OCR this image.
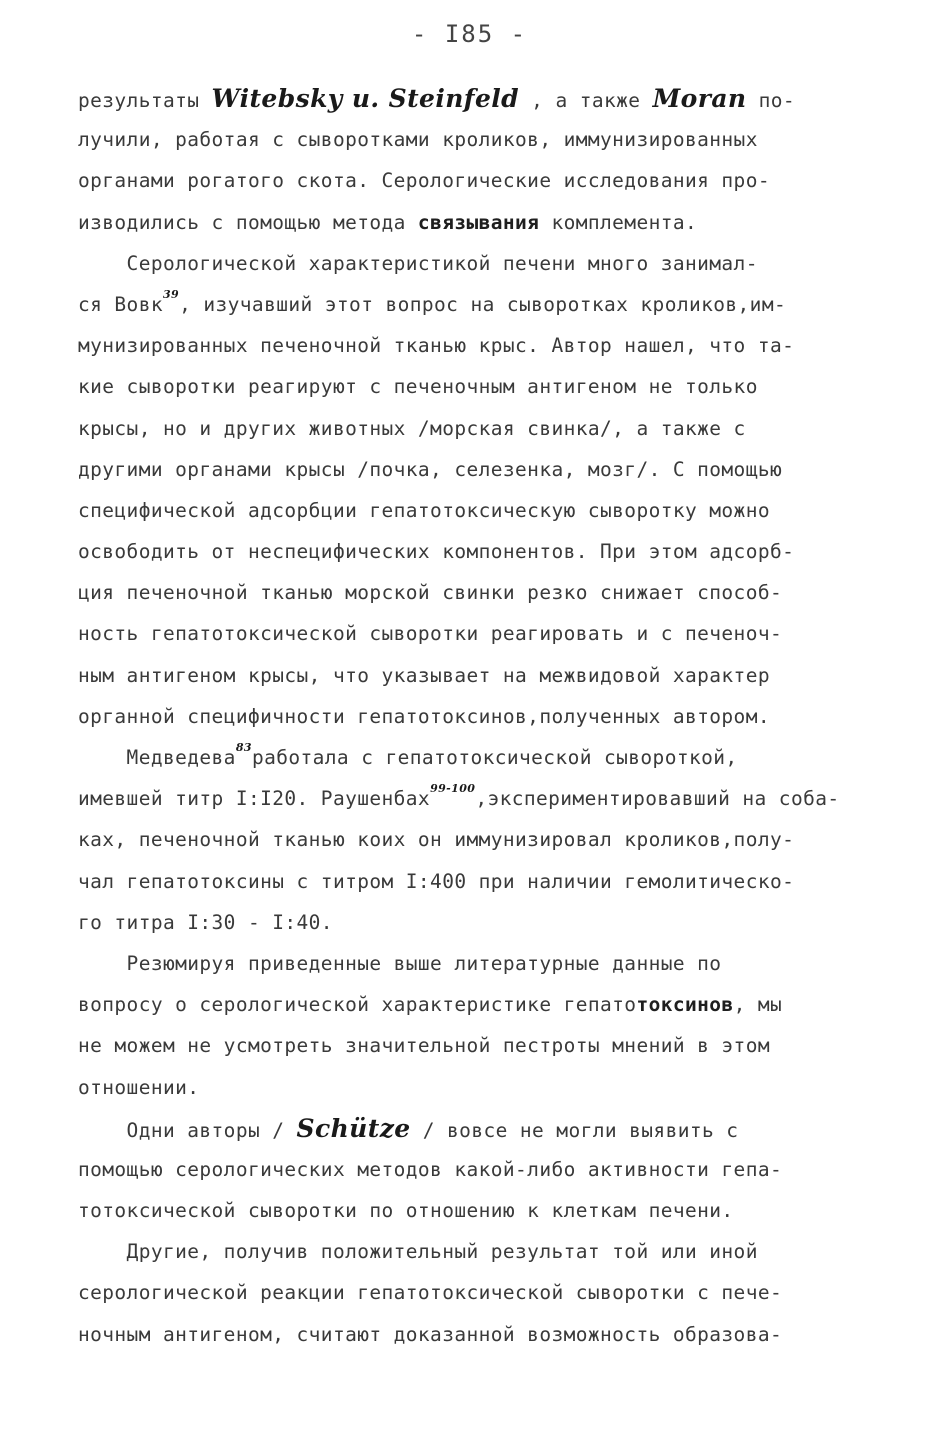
- I85 -
результаты Witebsky u. Steinfeld , а также Moran по-
лучили, работая с сыворотками кроликов, иммунизированных
органами рогатого скота. Серологические исследования про-
изводились с помощью метода связывания комплемента.
Серологической характеристикой печени много занимал-
ся Вовк$^{39}$, изучавший этот вопрос на сыворотках кроликов,им-
мунизированных печеночной тканью крыс. Автор нашел, что та-
кие сыворотки реагируют с печеночным антигеном не только
крысы, но и других животных /морская свинка/, а также с
другими органами крысы /почка, селезенка, мозг/. С помощью
специфической адсорбции гепатотоксическую сыворотку можно
освободить от неспецифических компонентов. При этом адсорб-
ция печеночной тканью морской свинки резко снижает способ-
ность гепатотоксической сыворотки реагировать и с печеноч-
ным антигеном крысы, что указывает на межвидовой характер
органной специфичности гепатотоксинов,полученных автором.
Медведева$^{83}$работала с гепатотоксической сывороткой,
имевшей титр I:I20. Раушенбах$^{99-100}$,экспериментировавший на соба-
ках, печеночной тканью коих он иммунизировал кроликов,полу-
чал гепатотоксины с титром I:400 при наличии гемолитическо-
го титра I:30 - I:40.
Резюмируя приведенные выше литературные данные по
вопросу о серологической характеристике гепатотоксинов, мы
не можем не усмотреть значительной пестроты мнений в этом
отношении.
Одни авторы / Schütze / вовсе не могли выявить с
помощью серологических методов какой-либо активности гепа-
тотоксической сыворотки по отношению к клеткам печени.
Другие, получив положительный результат той или иной
серологической реакции гепатотоксической сыворотки с пече-
ночным антигеном, считают доказанной возможность образова-
